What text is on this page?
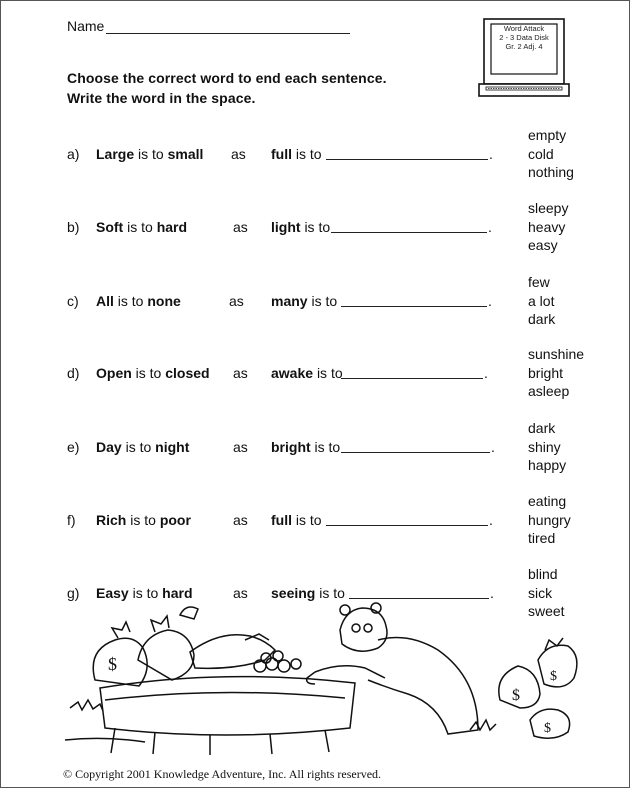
Name
Choose the correct word to end each sentence.
Write the word in the space.
Word Attack
2 - 3 Data Disk
Gr. 2 Adj. 4
a) Large is to small as full is to	.
empty
cold
nothing
b) Soft is to hard	as light is to	.
sleepy
heavy
easy
c) All is to none	as many is to	.
few
a lot
dark
d) Open is to closed as awake is to	.
sunshine
bright
asleep
e) Day is to night	as bright is to	.
dark
shiny
happy
f) Rich is to poor	as full is to	.
eating
hungry
tired
g) Easy is to hard	as seeing is to	.
blind
sick
sweet
$
$
$
$
© Copyright 2001 Knowledge Adventure, Inc. All rights reserved.
